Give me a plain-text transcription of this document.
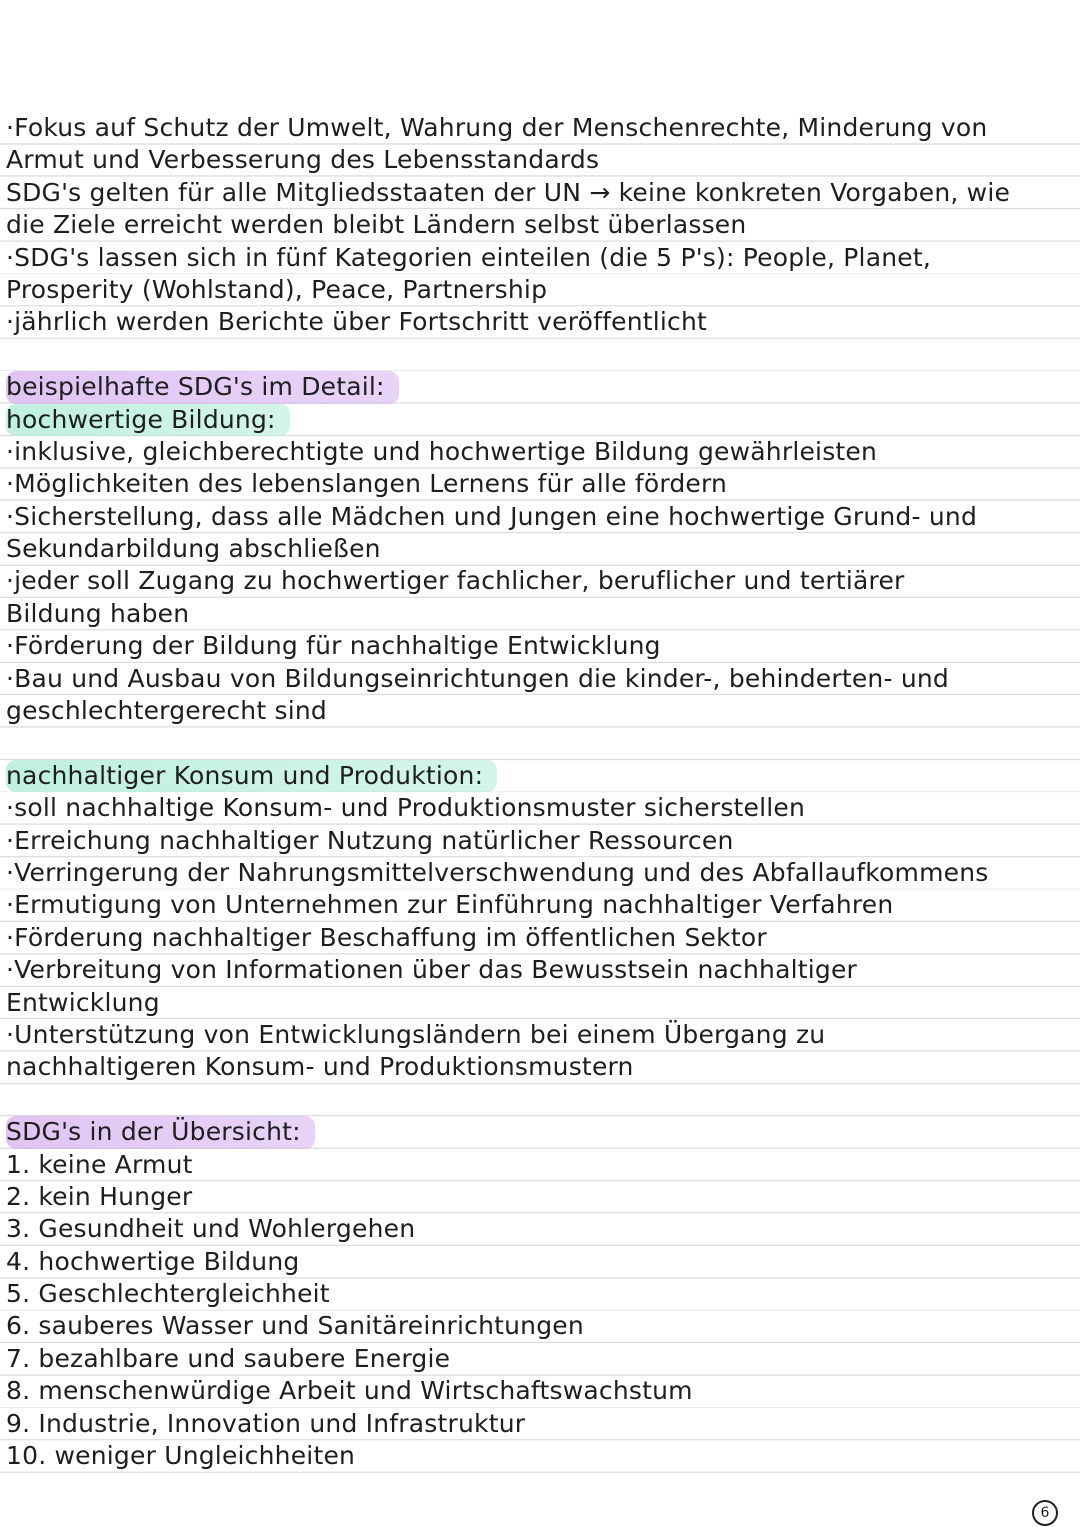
·Fokus auf Schutz der Umwelt, Wahrung der Menschenrechte, Minderung von
Armut und Verbesserung des Lebensstandards
SDG's gelten für alle Mitgliedsstaaten der UN → keine konkreten Vorgaben, wie
die Ziele erreicht werden bleibt Ländern selbst überlassen
·SDG's lassen sich in fünf Kategorien einteilen (die 5 P's): People, Planet,
Prosperity (Wohlstand), Peace, Partnership
·jährlich werden Berichte über Fortschritt veröffentlicht
beispielhafte SDG's im Detail:
hochwertige Bildung:
·inklusive, gleichberechtigte und hochwertige Bildung gewährleisten
·Möglichkeiten des lebenslangen Lernens für alle fördern
·Sicherstellung, dass alle Mädchen und Jungen eine hochwertige Grund- und
Sekundarbildung abschließen
·jeder soll Zugang zu hochwertiger fachlicher, beruflicher und tertiärer
Bildung haben
·Förderung der Bildung für nachhaltige Entwicklung
·Bau und Ausbau von Bildungseinrichtungen die kinder-, behinderten- und
geschlechtergerecht sind
nachhaltiger Konsum und Produktion:
·soll nachhaltige Konsum- und Produktionsmuster sicherstellen
·Erreichung nachhaltiger Nutzung natürlicher Ressourcen
·Verringerung der Nahrungsmittelverschwendung und des Abfallaufkommens
·Ermutigung von Unternehmen zur Einführung nachhaltiger Verfahren
·Förderung nachhaltiger Beschaffung im öffentlichen Sektor
·Verbreitung von Informationen über das Bewusstsein nachhaltiger
Entwicklung
·Unterstützung von Entwicklungsländern bei einem Übergang zu
nachhaltigeren Konsum- und Produktionsmustern
SDG's in der Übersicht:
1. keine Armut
2. kein Hunger
3. Gesundheit und Wohlergehen
4. hochwertige Bildung
5. Geschlechtergleichheit
6. sauberes Wasser und Sanitäreinrichtungen
7. bezahlbare und saubere Energie
8. menschenwürdige Arbeit und Wirtschaftswachstum
9. Industrie, Innovation und Infrastruktur
10. weniger Ungleichheiten
6
